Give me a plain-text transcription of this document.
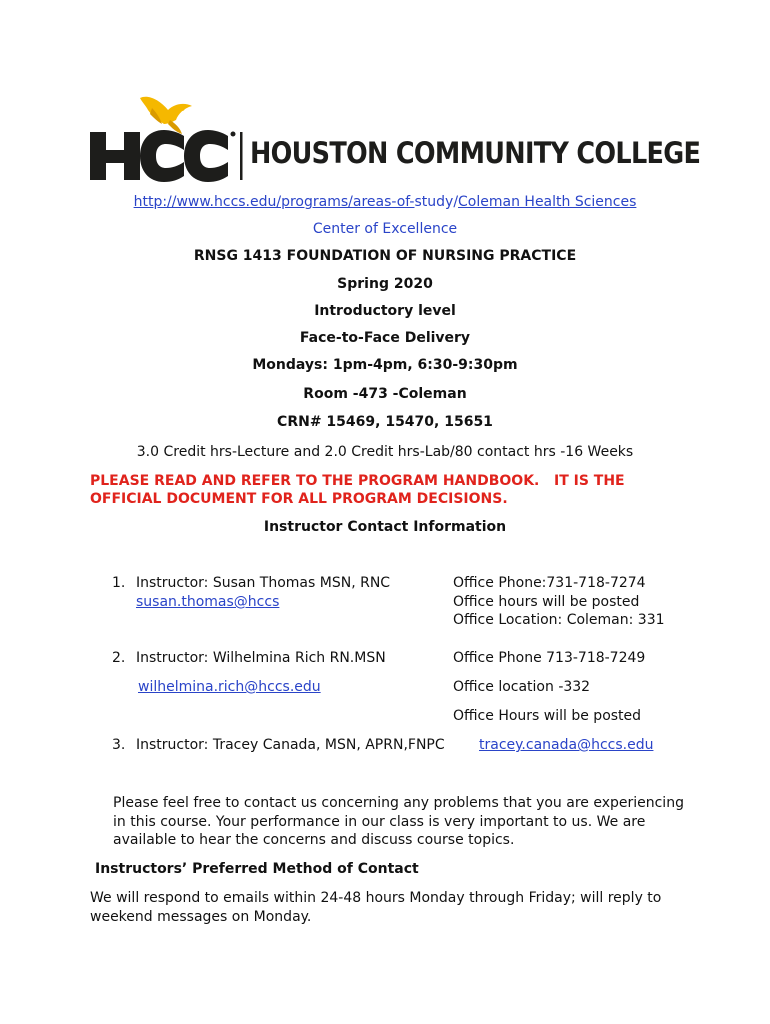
HOUSTON COMMUNITY COLLEGE
http://www.hccs.edu/programs/areas-of-study/Coleman Health Sciences
Center of Excellence
RNSG 1413 FOUNDATION OF NURSING PRACTICE
Spring 2020
Introductory level
Face-to-Face Delivery
Mondays: 1pm-4pm, 6:30-9:30pm
Room -473 -Coleman
CRN# 15469, 15470, 15651
3.0 Credit hrs-Lecture and 2.0 Credit hrs-Lab/80 contact hrs -16 Weeks
PLEASE READ AND REFER TO THE PROGRAM HANDBOOK.   IT IS THE
OFFICIAL DOCUMENT FOR ALL PROGRAM DECISIONS.
Instructor Contact Information
1. Instructor: Susan Thomas MSN, RNC
susan.thomas@hccs
Office Phone:731-718-7274
Office hours will be posted
Office Location: Coleman: 331
2. Instructor: Wilhelmina Rich RN.MSN
wilhelmina.rich@hccs.edu
Office Phone 713-718-7249
Office location -332
Office Hours will be posted
3. Instructor: Tracey Canada, MSN, APRN,FNPC tracey.canada@hccs.edu
Please feel free to contact us concerning any problems that you are experiencing
in this course. Your performance in our class is very important to us. We are
available to hear the concerns and discuss course topics.
Instructors’ Preferred Method of Contact
We will respond to emails within 24-48 hours Monday through Friday; will reply to
weekend messages on Monday.
